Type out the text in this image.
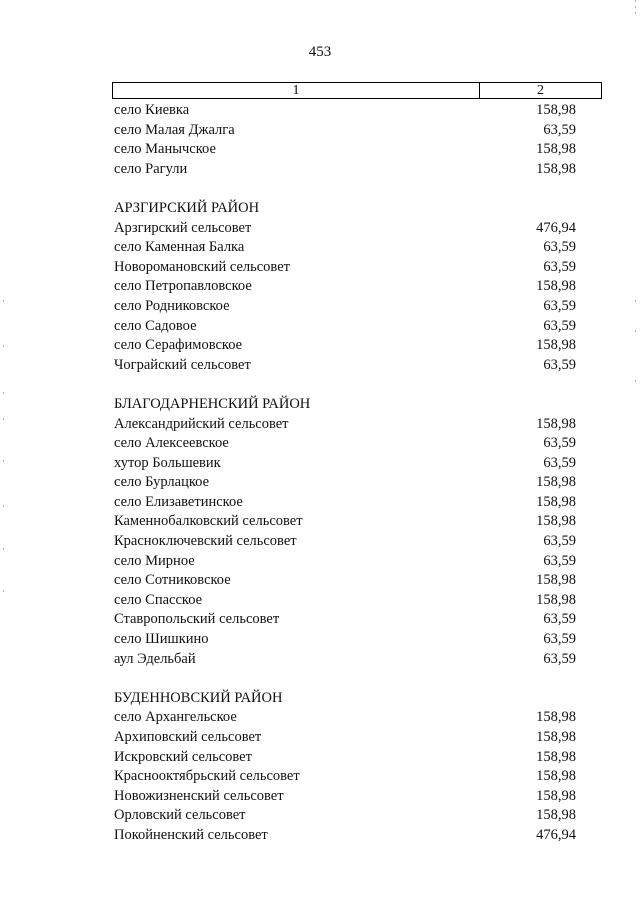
453
1	2
село Киевка	158,98
село Малая Джалга	63,59
село Манычское	158,98
село Рагули	158,98
АРЗГИРСКИЙ РАЙОН
Арзгирский сельсовет	476,94
село Каменная Балка	63,59
Новоромановский сельсовет	63,59
село Петропавловское	158,98
село Родниковское	63,59
село Садовое	63,59
село Серафимовское	158,98
Чограйский сельсовет	63,59
БЛАГОДАРНЕНСКИЙ РАЙОН
Александрийский сельсовет	158,98
село Алексеевское	63,59
хутор Большевик	63,59
село Бурлацкое	158,98
село Елизаветинское	158,98
Каменнобалковский сельсовет	158,98
Красноключевский сельсовет	63,59
село Мирное	63,59
село Сотниковское	158,98
село Спасское	158,98
Ставропольский сельсовет	63,59
село Шишкино	63,59
аул Эдельбай	63,59
БУДЕННОВСКИЙ РАЙОН
село Архангельское	158,98
Архиповский сельсовет	158,98
Искровский сельсовет	158,98
Краснооктябрьский сельсовет	158,98
Новожизненский сельсовет	158,98
Орловский сельсовет	158,98
Покойненский сельсовет	476,94
